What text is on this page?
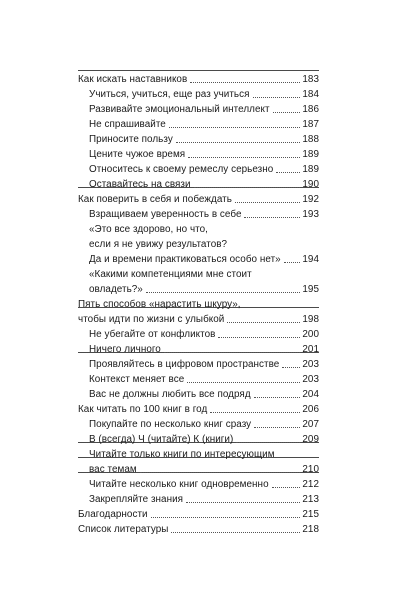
Как искать наставников	183
Учиться, учиться, еще раз учиться	184
Развивайте эмоциональный интеллект	186
Не спрашивайте	187
Приносите пользу	188
Цените чужое время	189
Относитесь к своему ремеслу серьезно	189
Оставайтесь на связи	190
Как поверить в себя и побеждать	192
Взращиваем уверенность в себе	193
«Это все здорово, но что,
если я не увижу результатов?
Да и времени практиковаться особо нет» 194
«Какими компетенциями мне стоит
овладеть?»	195
Пять способов «нарастить шкуру»,
чтобы идти по жизни с улыбкой	198
Не убегайте от конфликтов	200
Ничего личного	201
Проявляйтесь в цифровом пространстве 203
Контекст меняет все	203
Вас не должны любить все подряд	204
Как читать по 100 книг в год	206
Покупайте по несколько книг сразу	207
В (всегда) Ч (читайте) К (книги)	209
Читайте только книги по интересующим
вас темам	210
Читайте несколько книг одновременно	212
Закрепляйте знания	213
Благодарности	215
Список литературы	218
